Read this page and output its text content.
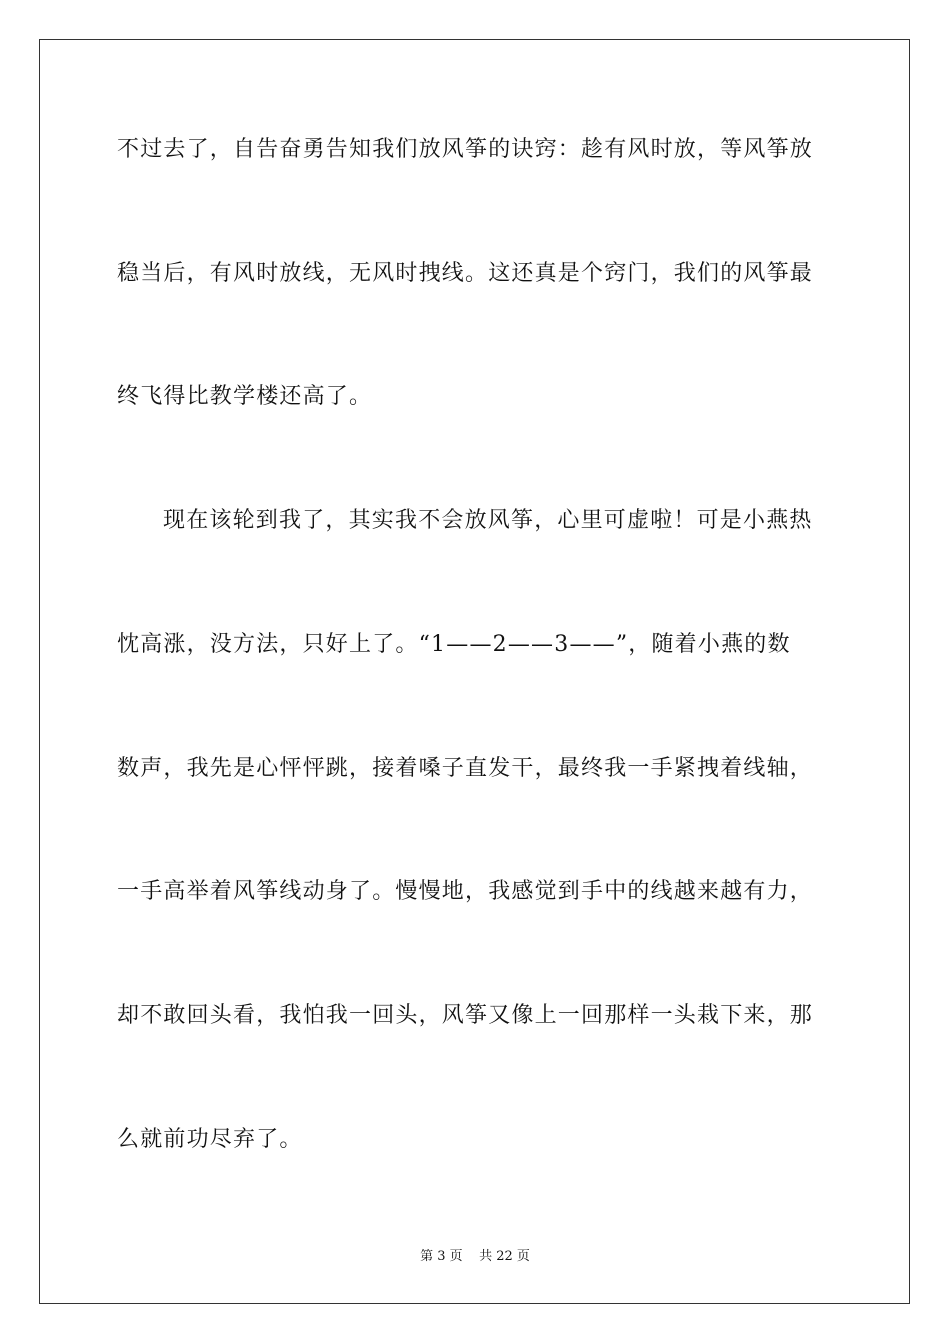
不过去了，自告奋勇告知我们放风筝的诀窍：趁有风时放，等风筝放
稳当后，有风时放线，无风时拽线。这还真是个窍门，我们的风筝最
终飞得比教学楼还高了。
现在该轮到我了，其实我不会放风筝，心里可虚啦！可是小燕热
忱高涨，没方法，只好上了。“1——2——3——”，随着小燕的数
数声，我先是心怦怦跳，接着嗓子直发干，最终我一手紧拽着线轴，
一手高举着风筝线动身了。慢慢地，我感觉到手中的线越来越有力，
却不敢回头看，我怕我一回头，风筝又像上一回那样一头栽下来，那
么就前功尽弃了。
第 3 页    共 22 页
